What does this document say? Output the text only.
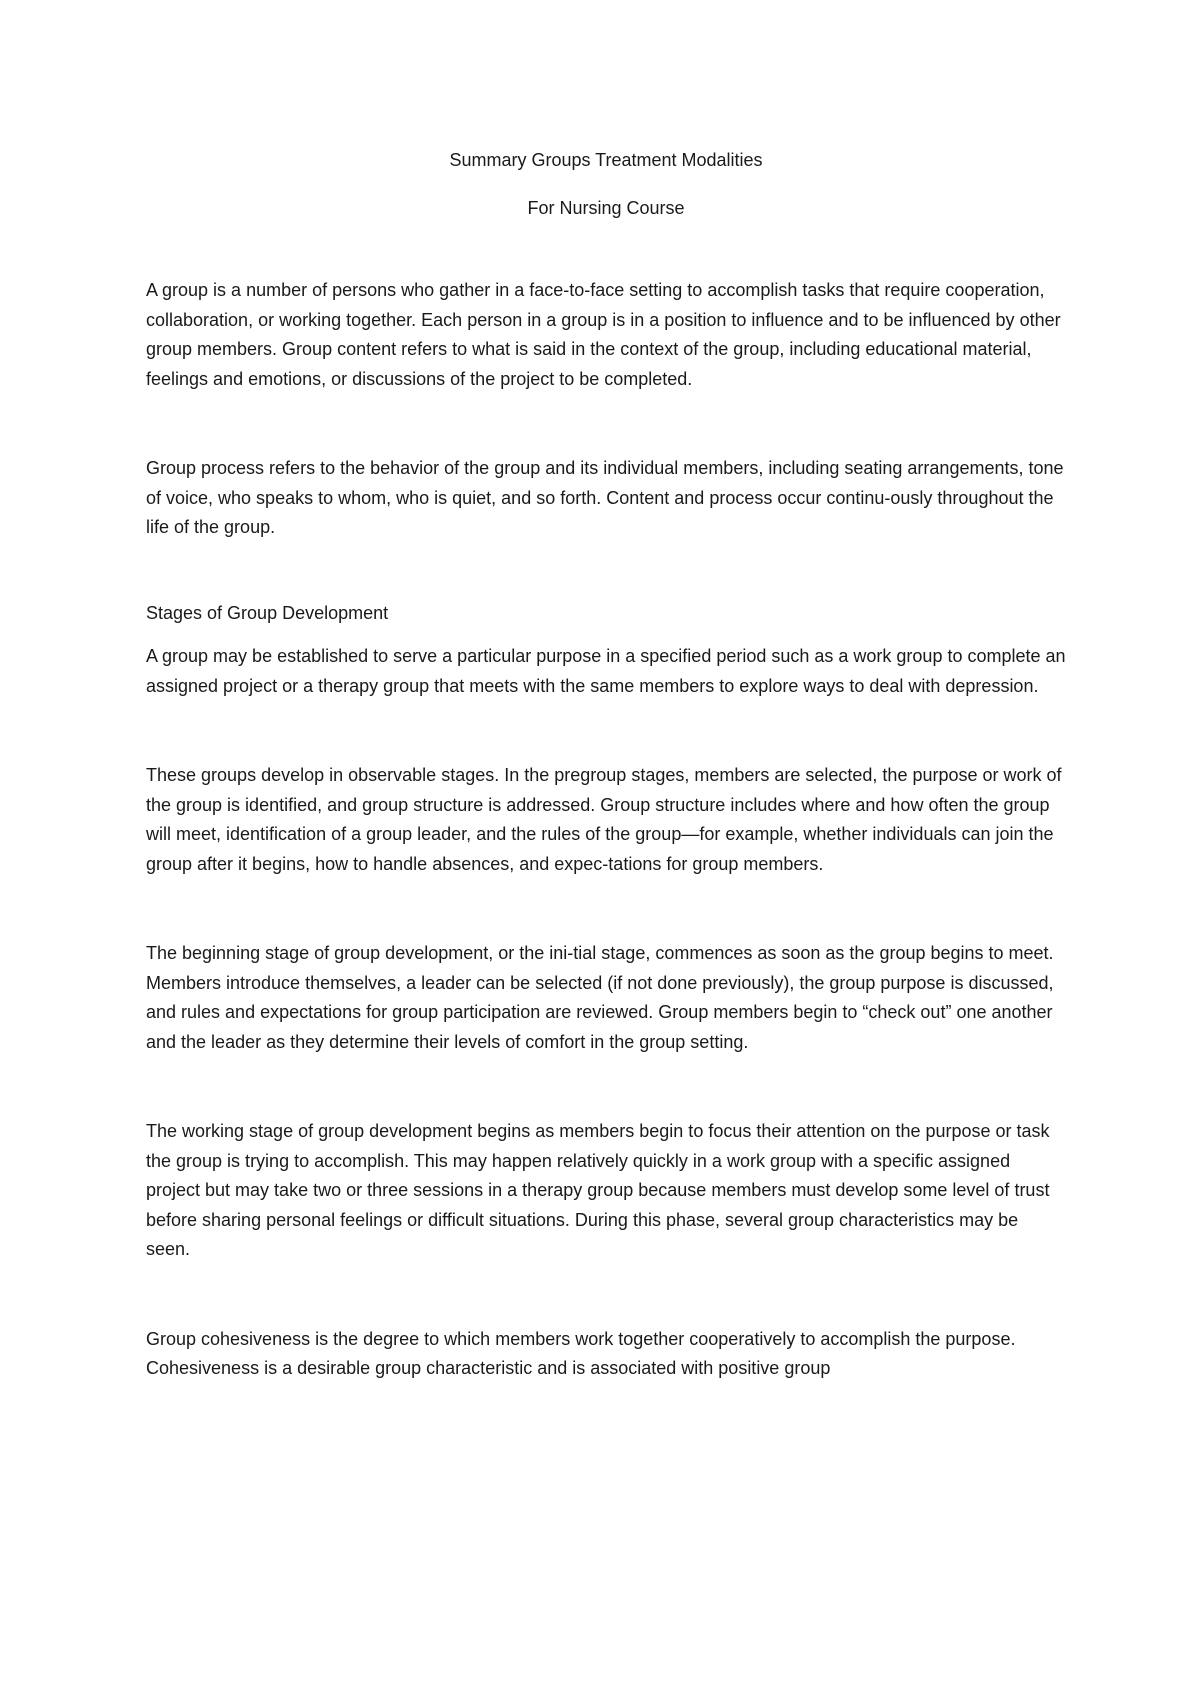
Summary Groups Treatment Modalities

For Nursing Course

A group is a number of persons who gather in a face-to-face setting to accomplish tasks that require cooperation, collaboration, or working together. Each person in a group is in a position to influence and to be influenced by other group members. Group content refers to what is said in the context of the group, including educational material, feelings and emotions, or discussions of the project to be completed.

Group process refers to the behavior of the group and its individual members, including seating arrangements, tone of voice, who speaks to whom, who is quiet, and so forth. Content and process occur continu-ously throughout the life of the group.

Stages of Group Development

A group may be established to serve a particular purpose in a specified period such as a work group to complete an assigned project or a therapy group that meets with the same members to explore ways to deal with depression.

These groups develop in observable stages. In the pregroup stages, members are selected, the purpose or work of the group is identified, and group structure is addressed. Group structure includes where and how often the group will meet, identification of a group leader, and the rules of the group—for example, whether individuals can join the group after it begins, how to handle absences, and expec-tations for group members.

The beginning stage of group development, or the ini-tial stage, commences as soon as the group begins to meet. Members introduce themselves, a leader can be selected (if not done previously), the group purpose is discussed, and rules and expectations for group participation are reviewed. Group members begin to “check out” one another and the leader as they determine their levels of comfort in the group setting.

The working stage of group development begins as members begin to focus their attention on the purpose or task the group is trying to accomplish. This may happen relatively quickly in a work group with a specific assigned project but may take two or three sessions in a therapy group because members must develop some level of trust before sharing personal feelings or difficult situations. During this phase, several group characteristics may be seen.

Group cohesiveness is the degree to which members work together cooperatively to accomplish the purpose. Cohesiveness is a desirable group characteristic and is associated with positive group
